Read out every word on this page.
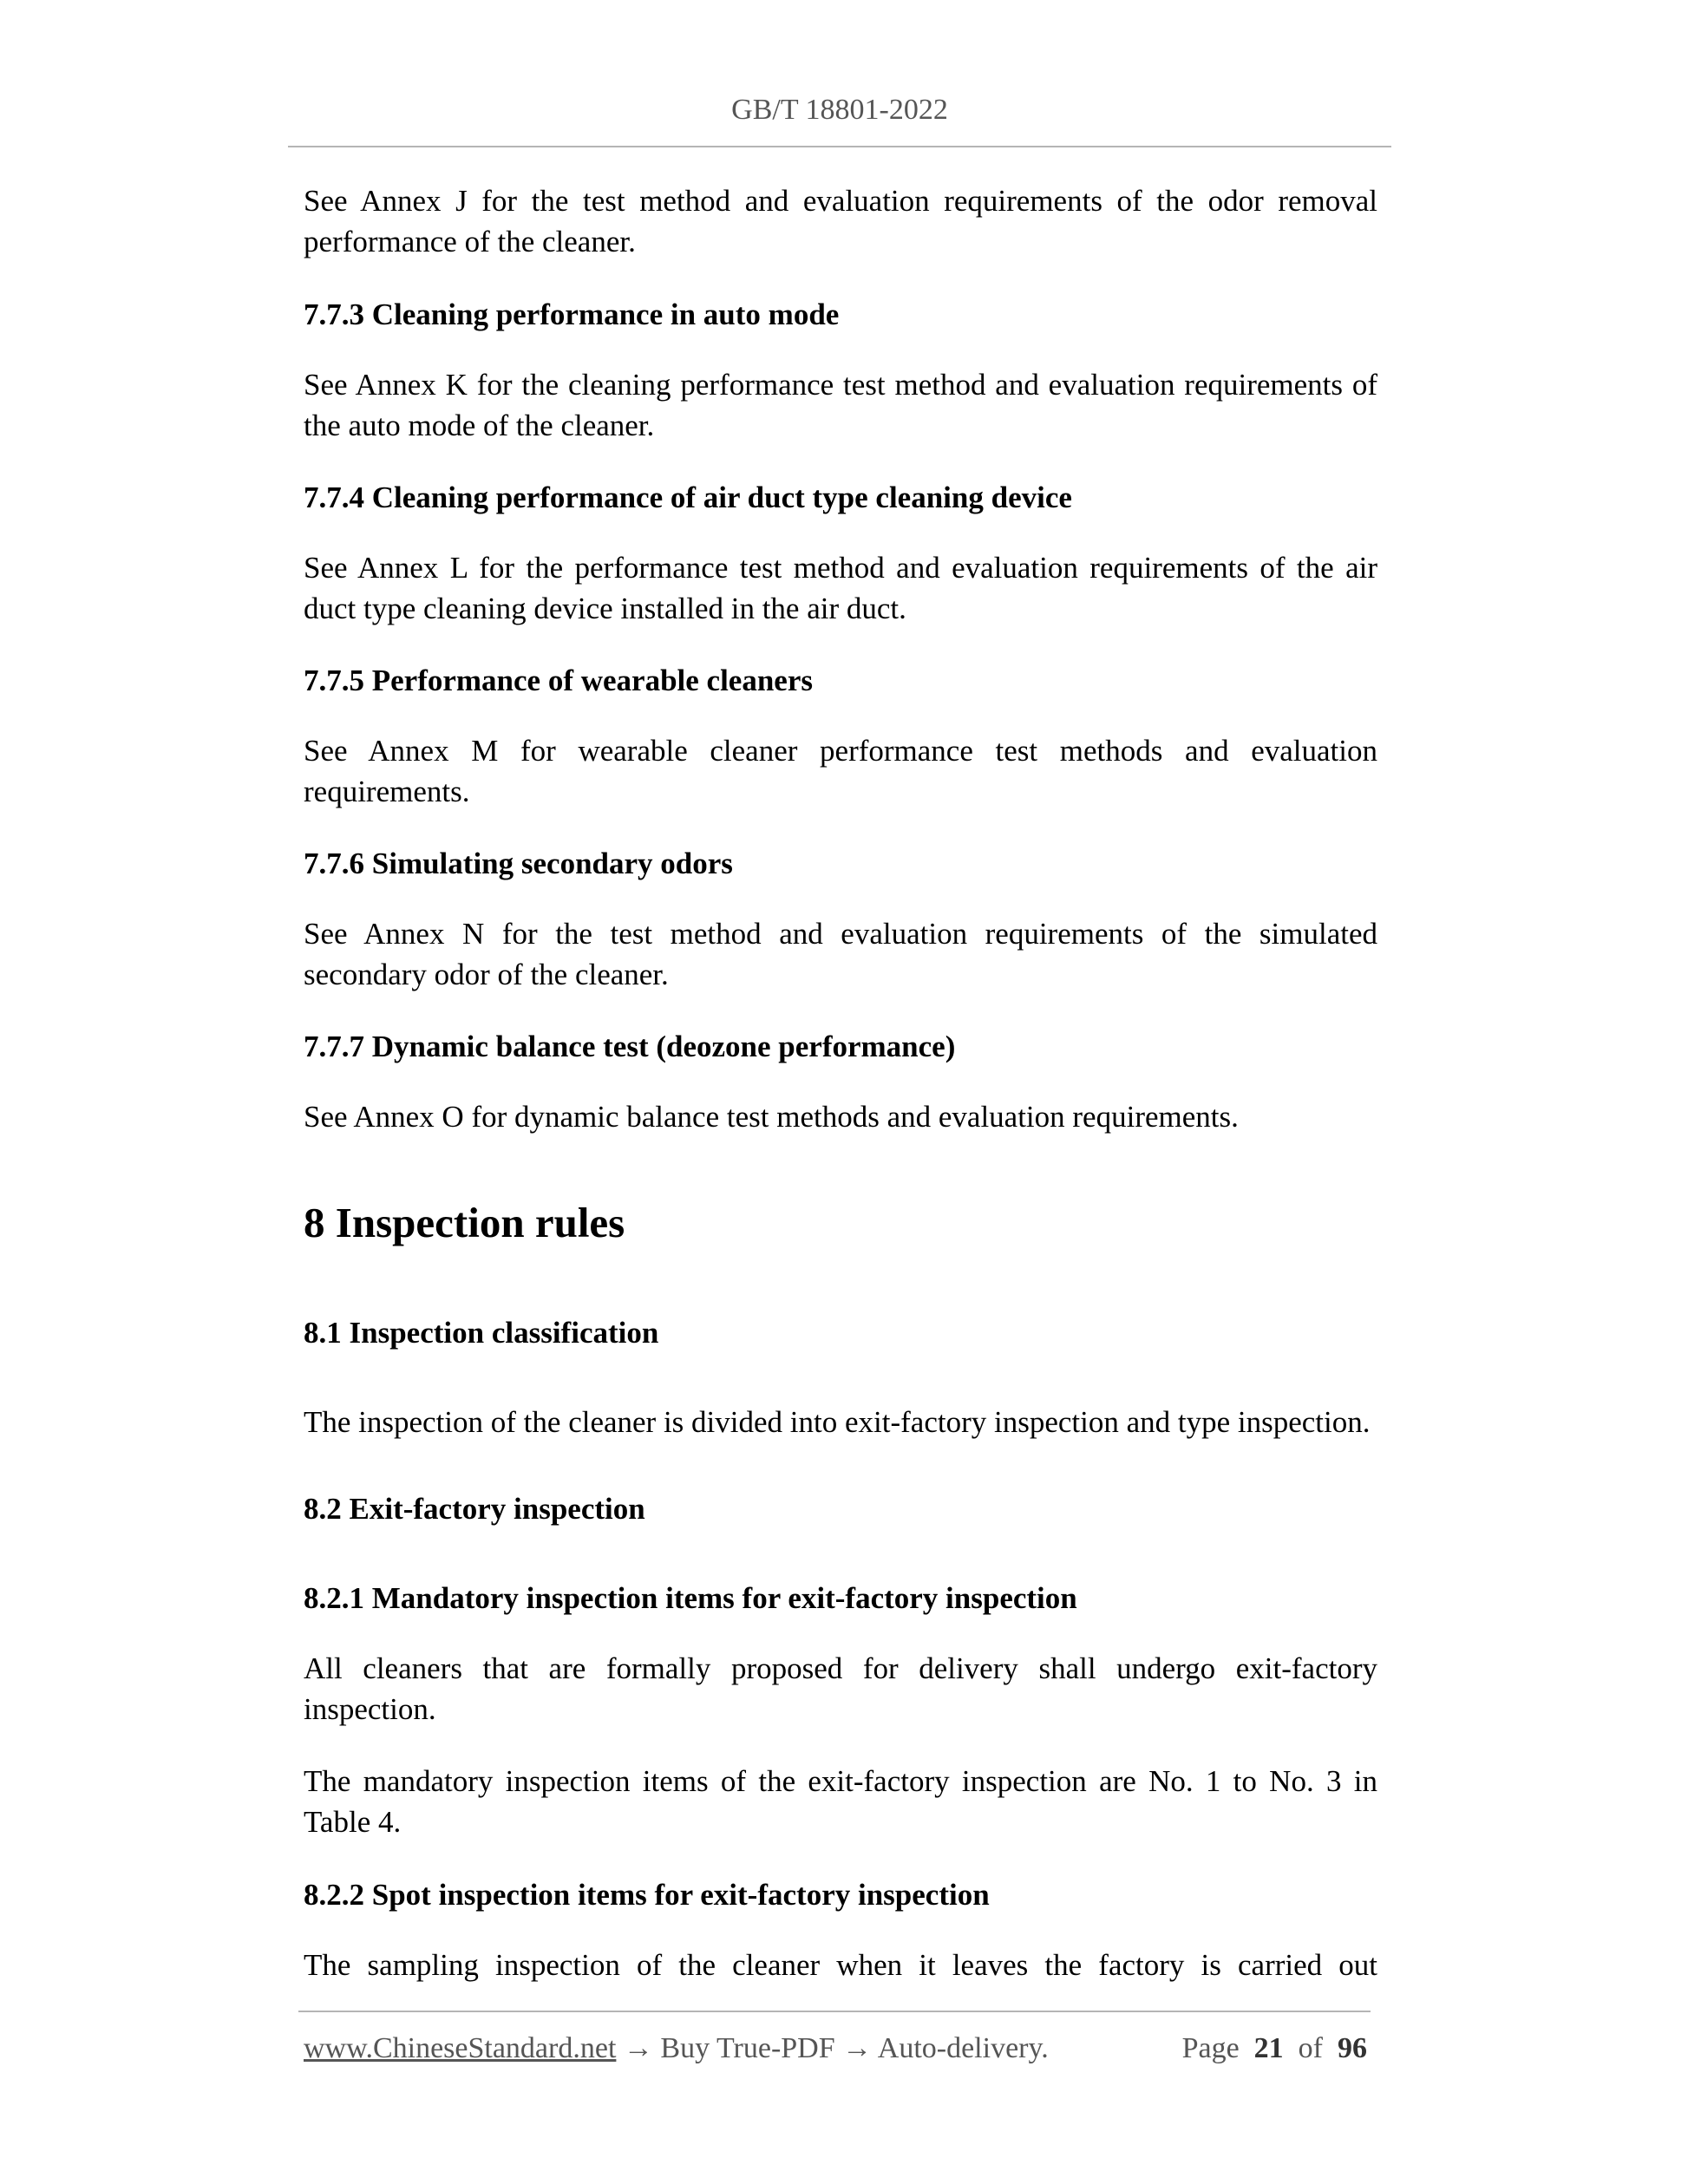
GB/T 18801-2022

See Annex J for the test method and evaluation requirements of the odor removal performance of the cleaner.

7.7.3 Cleaning performance in auto mode

See Annex K for the cleaning performance test method and evaluation requirements of the auto mode of the cleaner.

7.7.4 Cleaning performance of air duct type cleaning device

See Annex L for the performance test method and evaluation requirements of the air duct type cleaning device installed in the air duct.

7.7.5 Performance of wearable cleaners

See Annex M for wearable cleaner performance test methods and evaluation requirements.

7.7.6 Simulating secondary odors

See Annex N for the test method and evaluation requirements of the simulated secondary odor of the cleaner.

7.7.7 Dynamic balance test (deozone performance)

See Annex O for dynamic balance test methods and evaluation requirements.

8 Inspection rules
8.1 Inspection classification

The inspection of the cleaner is divided into exit-factory inspection and type inspection.

8.2 Exit-factory inspection
8.2.1 Mandatory inspection items for exit-factory inspection

All cleaners that are formally proposed for delivery shall undergo exit-factory inspection.

The mandatory inspection items of the exit-factory inspection are No. 1 to No. 3 in Table 4.

8.2.2 Spot inspection items for exit-factory inspection

The sampling inspection of the cleaner when it leaves the factory is carried out

www.ChineseStandard.net → Buy True-PDF → Auto-delivery.	Page 21 of 96
